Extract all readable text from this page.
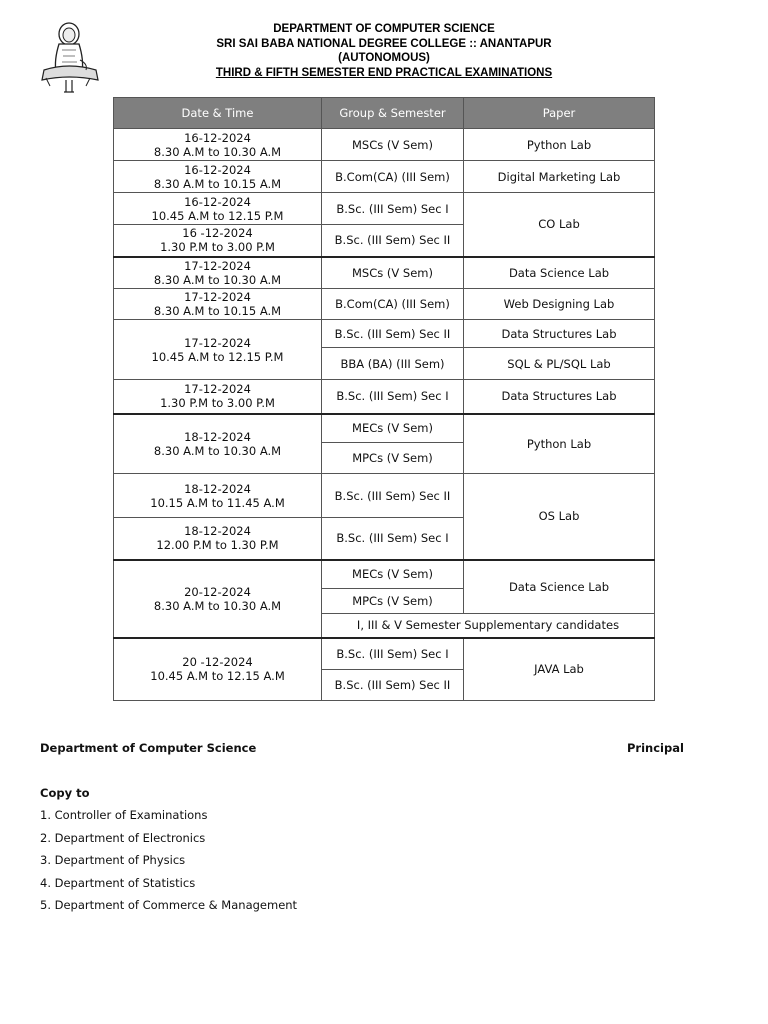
DEPARTMENT OF COMPUTER SCIENCE
SRI SAI BABA NATIONAL DEGREE COLLEGE :: ANANTAPUR
(AUTONOMOUS)
THIRD & FIFTH SEMESTER END PRACTICAL EXAMINATIONS
Date & Time	Group & Semester	Paper

16-12-2024
8.30 A.M to 10.30 A.M	MSCs (V Sem)	Python Lab

16-12-2024
8.30 A.M to 10.15 A.M	B.Com(CA) (III Sem)	Digital Marketing Lab

16-12-2024
10.45 A.M to 12.15 P.M	B.Sc. (III Sem) Sec I	CO Lab

16 -12-2024
1.30 P.M to 3.00 P.M	B.Sc. (III Sem) Sec II	

17-12-2024
8.30 A.M to 10.30 A.M	MSCs (V Sem)	Data Science Lab

17-12-2024
8.30 A.M to 10.15 A.M	B.Com(CA) (III Sem)	Web Designing Lab

17-12-2024
10.45 A.M to 12.15 P.M	B.Sc. (III Sem) Sec II	Data Structures Lab
	BBA (BA) (III Sem)	SQL & PL/SQL Lab

17-12-2024
1.30 P.M to 3.00 P.M	B.Sc. (III Sem) Sec I	Data Structures Lab

18-12-2024
8.30 A.M to 10.30 A.M	MECs (V Sem)	Python Lab
	MPCs (V Sem)	

18-12-2024
10.15 A.M to 11.45 A.M	B.Sc. (III Sem) Sec II	OS Lab

18-12-2024
12.00 P.M to 1.30 P.M	B.Sc. (III Sem) Sec I	

20-12-2024
8.30 A.M to 10.30 A.M	MECs (V Sem)	Data Science Lab
	MPCs (V Sem)	
	I, III & V Semester Supplementary candidates	

20 -12-2024
10.45 A.M to 12.15 A.M	B.Sc. (III Sem) Sec I	JAVA Lab
	B.Sc. (III Sem) Sec II	
Department of Computer Science	Principal
Copy to
1. Controller of Examinations
2. Department of Electronics
3. Department of Physics
4. Department of Statistics
5. Department of Commerce & Management
